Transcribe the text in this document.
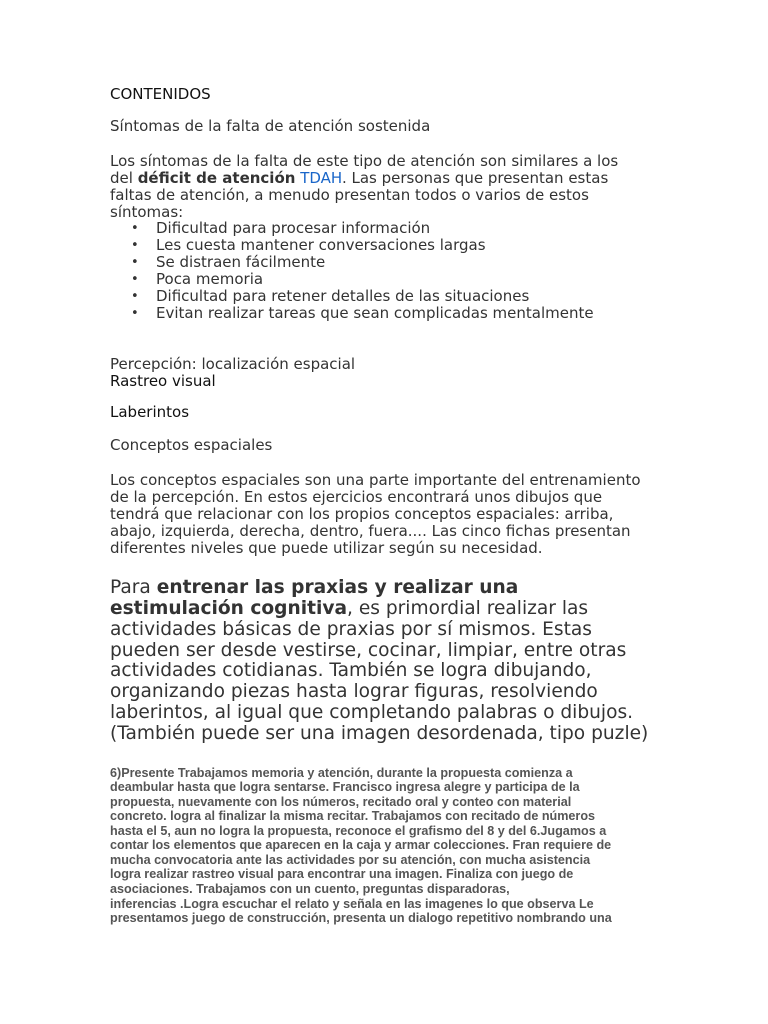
CONTENIDOS
Síntomas de la falta de atención sostenida
Los síntomas de la falta de este tipo de atención son similares a los
del déficit de atención TDAH. Las personas que presentan estas
faltas de atención, a menudo presentan todos o varios de estos
síntomas:
• Dificultad para procesar información
• Les cuesta mantener conversaciones largas
• Se distraen fácilmente
• Poca memoria
• Dificultad para retener detalles de las situaciones
• Evitan realizar tareas que sean complicadas mentalmente
Percepción: localización espacial
Rastreo visual
Laberintos
Conceptos espaciales
Los conceptos espaciales son una parte importante del entrenamiento
de la percepción. En estos ejercicios encontrará unos dibujos que
tendrá que relacionar con los propios conceptos espaciales: arriba,
abajo, izquierda, derecha, dentro, fuera.... Las cinco fichas presentan
diferentes niveles que puede utilizar según su necesidad.
Para entrenar las praxias y realizar una
estimulación cognitiva, es primordial realizar las
actividades básicas de praxias por sí mismos. Estas
pueden ser desde vestirse, cocinar, limpiar, entre otras
actividades cotidianas. También se logra dibujando,
organizando piezas hasta lograr figuras, resolviendo
laberintos, al igual que completando palabras o dibujos.
(También puede ser una imagen desordenada, tipo puzle)
6)Presente Trabajamos memoria y atención, durante la propuesta comienza a
deambular hasta que logra sentarse. Francisco ingresa alegre y participa de la
propuesta, nuevamente con los números, recitado oral y conteo con material
concreto. logra al finalizar la misma recitar. Trabajamos con recitado de números
hasta el 5, aun no logra la propuesta, reconoce el grafismo del 8 y del 6.Jugamos a
contar los elementos que aparecen en la caja y armar colecciones. Fran requiere de
mucha convocatoria ante las actividades por su atención, con mucha asistencia
logra realizar rastreo visual para encontrar una imagen. Finaliza con juego de
asociaciones. Trabajamos con un cuento, preguntas disparadoras,
inferencias .Logra escuchar el relato y señala en las imagenes lo que observa Le
presentamos juego de construcción, presenta un dialogo repetitivo nombrando una
